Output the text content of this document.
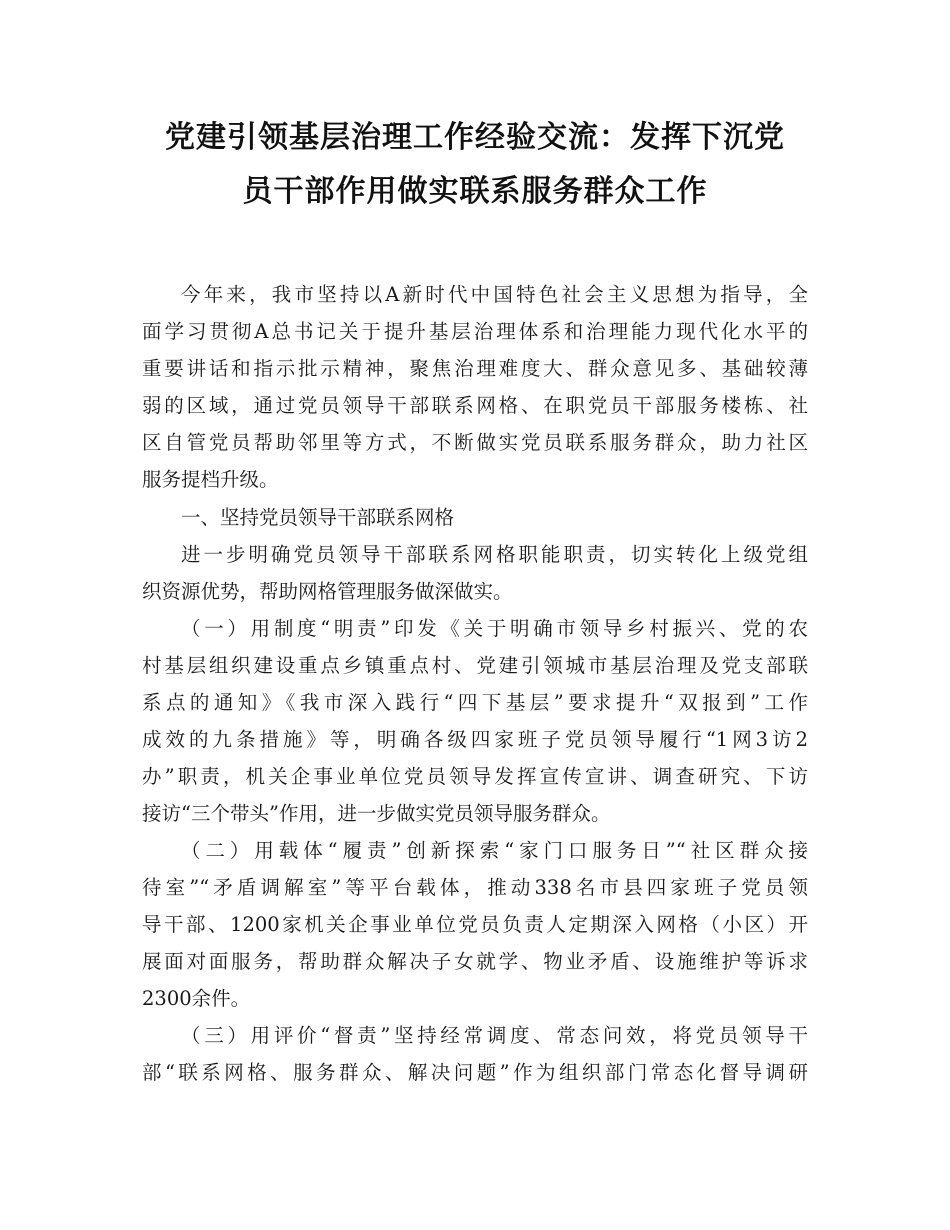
党建引领基层治理工作经验交流：发挥下沉党
员干部作用做实联系服务群众工作
今年来，我市坚持以A新时代中国特色社会主义思想为指导，全
面学习贯彻A总书记关于提升基层治理体系和治理能力现代化水平的
重要讲话和指示批示精神，聚焦治理难度大、群众意见多、基础较薄
弱的区域，通过党员领导干部联系网格、在职党员干部服务楼栋、社
区自管党员帮助邻里等方式，不断做实党员联系服务群众，助力社区
服务提档升级。
一、坚持党员领导干部联系网格
进一步明确党员领导干部联系网格职能职责，切实转化上级党组
织资源优势，帮助网格管理服务做深做实。
（一）用制度“明责”印发《关于明确市领导乡村振兴、党的农
村基层组织建设重点乡镇重点村、党建引领城市基层治理及党支部联
系点的通知》《我市深入践行“四下基层”要求提升“双报到”工作
成效的九条措施》等，明确各级四家班子党员领导履行“1网3访2
办”职责，机关企事业单位党员领导发挥宣传宣讲、调查研究、下访
接访“三个带头”作用，进一步做实党员领导服务群众。
（二）用载体“履责”创新探索“家门口服务日”“社区群众接
待室”“矛盾调解室”等平台载体，推动338名市县四家班子党员领
导干部、1200家机关企事业单位党员负责人定期深入网格（小区）开
展面对面服务，帮助群众解决子女就学、物业矛盾、设施维护等诉求
2300余件。
（三）用评价“督责”坚持经常调度、常态问效，将党员领导干
部“联系网格、服务群众、解决问题”作为组织部门常态化督导调研
